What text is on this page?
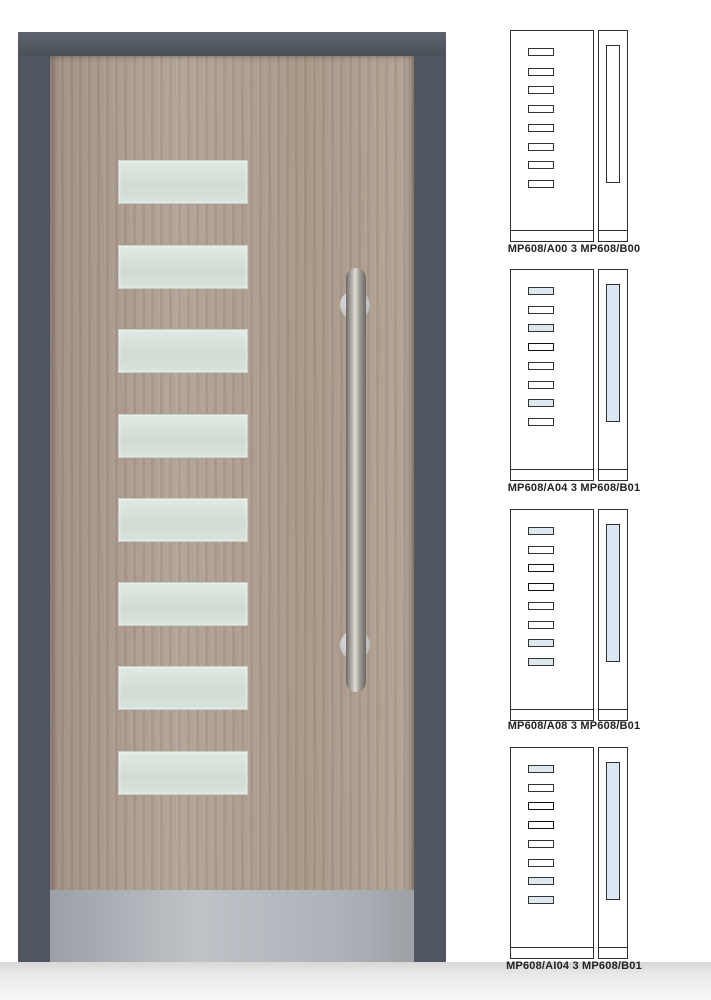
MP608/A00 3 MP608/B00
MP608/A04 3 MP608/B01
MP608/A08 3 MP608/B01
MP608/AI04 3 MP608/B01
